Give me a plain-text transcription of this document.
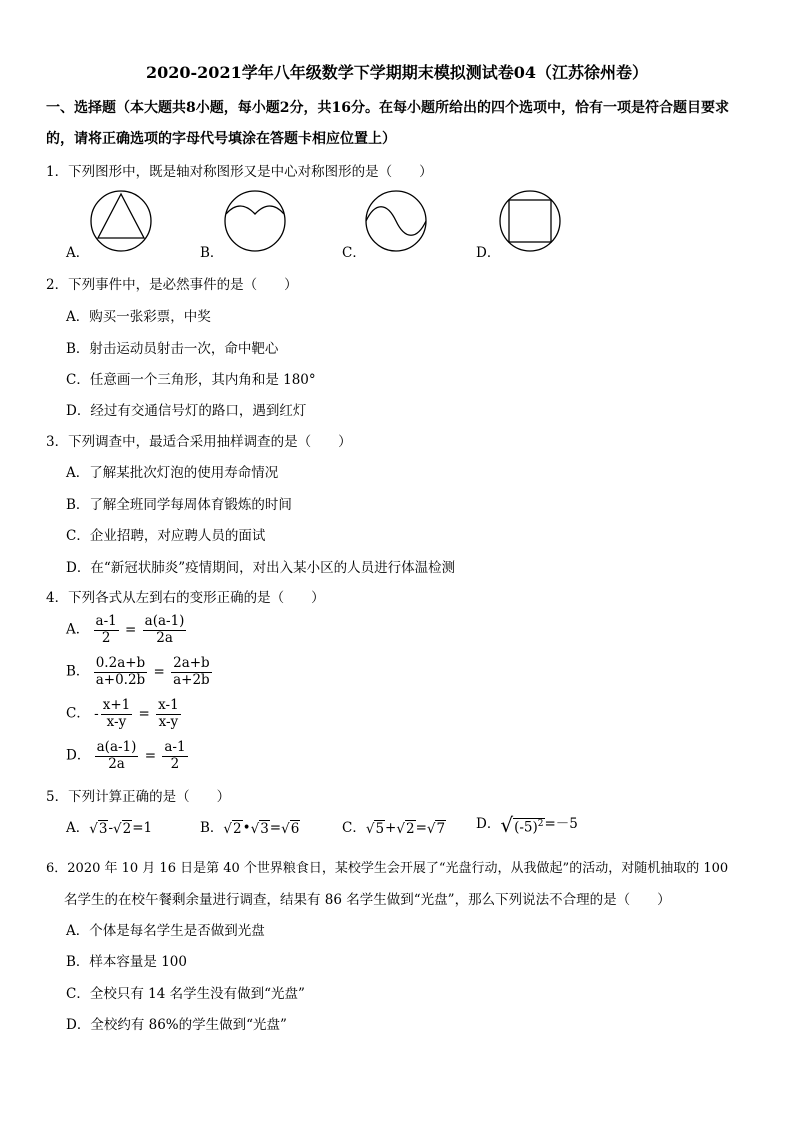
2020-2021学年八年级数学下学期期末模拟测试卷04（江苏徐州卷）
一、选择题（本大题共8小题，每小题2分，共16分。在每小题所给出的四个选项中，恰有一项是符合题目要求
的，请将正确选项的字母代号填涂在答题卡相应位置上）
1．下列图形中，既是轴对称图形又是中心对称图形的是（　　）
A．	B．	C．	D．
2．下列事件中，是必然事件的是（　　）
A．购买一张彩票，中奖
B．射击运动员射击一次，命中靶心
C．任意画一个三角形，其内角和是 180°
D．经过有交通信号灯的路口，遇到红灯
3．下列调查中，最适合采用抽样调查的是（　　）
A．了解某批次灯泡的使用寿命情况
B．了解全班同学每周体育锻炼的时间
C．企业招聘，对应聘人员的面试
D．在“新冠状肺炎”疫情期间，对出入某小区的人员进行体温检测
4．下列各式从左到右的变形正确的是（　　）
A． $\frac{a-1}{2} = \frac{a(a-1)}{2a}$
B． $\frac{0.2a+b}{a+0.2b} = \frac{2a+b}{a+2b}$
C． - $\frac{x+1}{x-y} = \frac{x-1}{x-y}$
D． $\frac{a(a-1)}{2a} = \frac{a-1}{2}$
5．下列计算正确的是（　　）
A．√3-√2=1	B．√2•√3=√6	C．√5+√2=√7 D．$√(-5)^2=-5$
6．2020 年 10 月 16 日是第 40 个世界粮食日，某校学生会开展了“光盘行动，从我做起”的活动，对随机抽取的 100
名学生的在校午餐剩余量进行调查，结果有 86 名学生做到“光盘”，那么下列说法不合理的是（　　）
A．个体是每名学生是否做到光盘
B．样本容量是 100
C．全校只有 14 名学生没有做到“光盘”
D．全校约有 86%的学生做到“光盘”
